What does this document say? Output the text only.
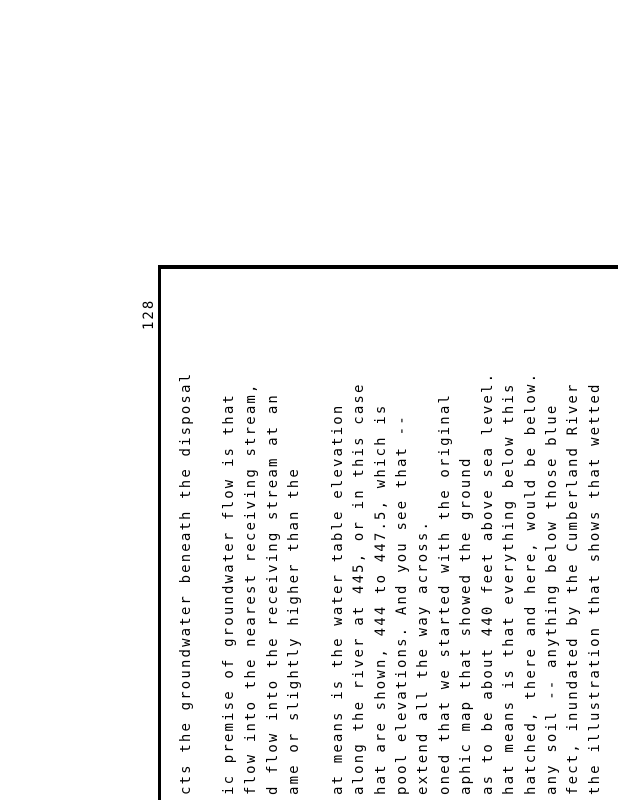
128
cts the groundwater beneath the disposal ic premise of groundwater flow is that flow into the nearest receiving stream, d flow into the receiving stream at an ame or slightly higher than the at means is the water table elevation along the river at 445, or in this case hat are shown, 444 to 447.5, which is pool elevations. And you see that -- extend all the way across. oned that we started with the original aphic map that showed the ground as to be about 440 feet above sea level. hat means is that everything below this hatched, there and here, would be below. any soil -- anything below those blue fect, inundated by the Cumberland River the illustration that shows that wetted
